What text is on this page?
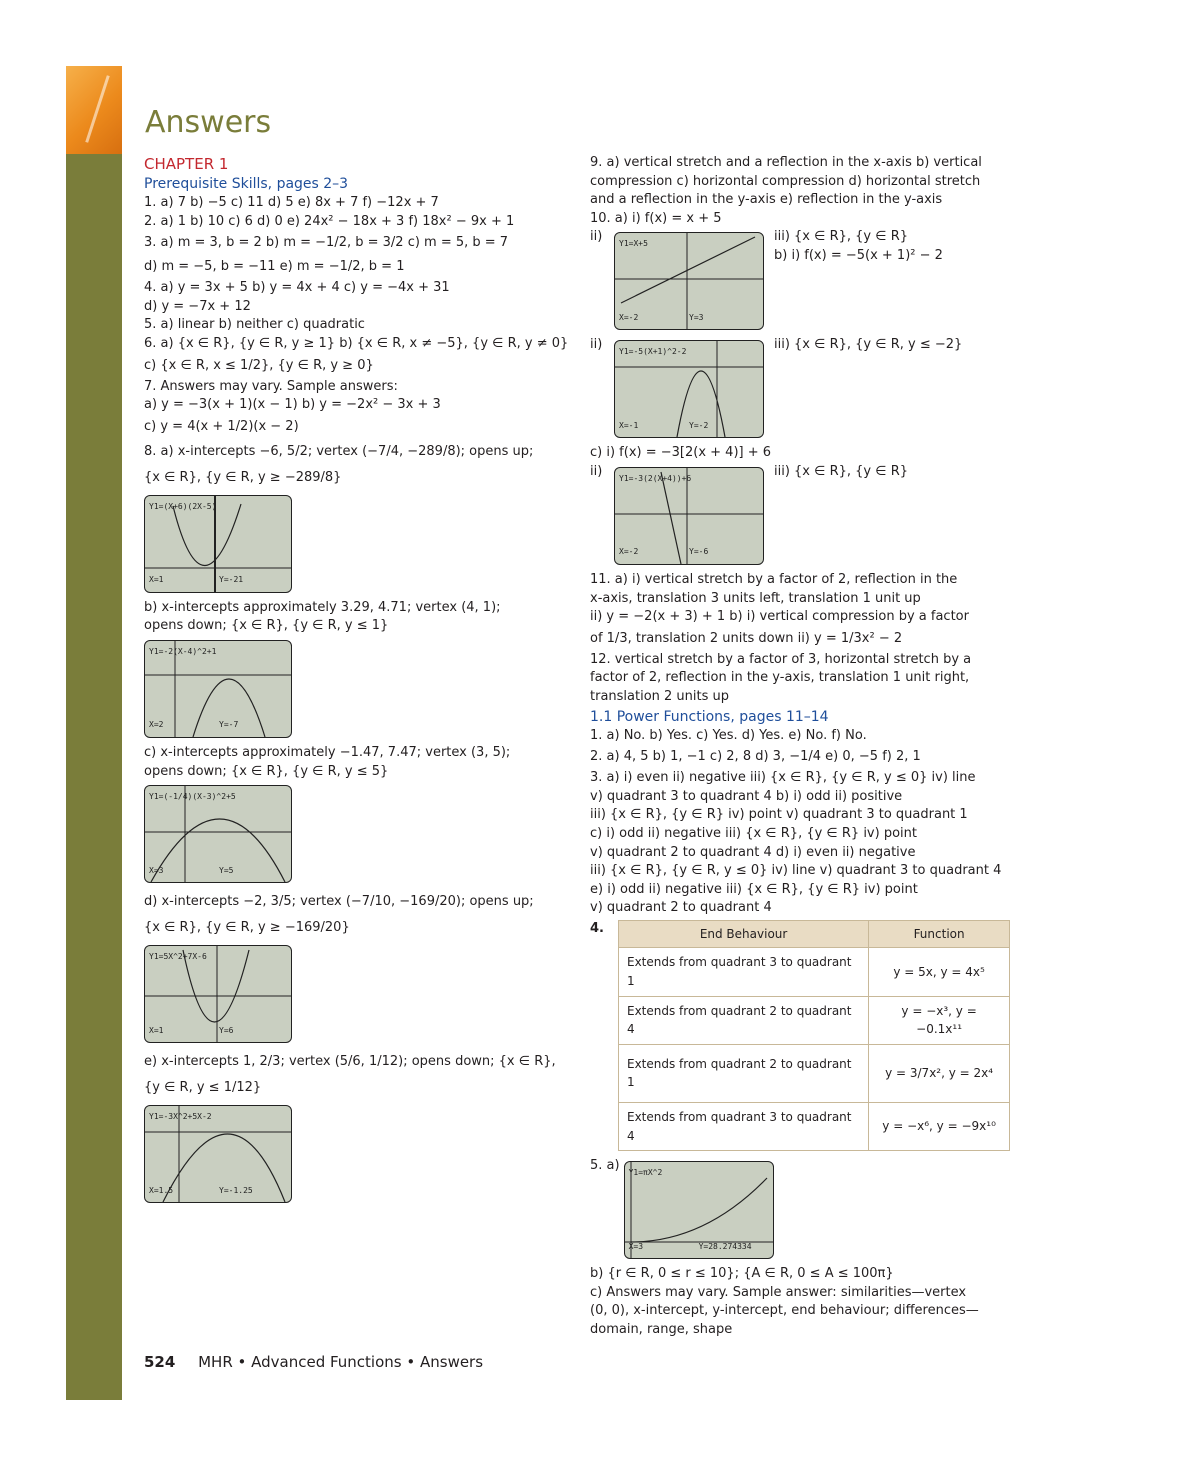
Answers

CHAPTER 1

Prerequisite Skills, pages 2–3

1. a) 7 b) −5 c) 11 d) 5 e) 8x + 7 f) −12x + 7

2. a) 1 b) 10 c) 6 d) 0 e) 24x² − 18x + 3 f) 18x² − 9x + 1

3. a) m = 3, b = 2 b) m = −1/2, b = 3/2 c) m = 5, b = 7

d) m = −5, b = −11 e) m = −1/2, b = 1

4. a) y = 3x + 5 b) y = 4x + 4 c) y = −4x + 31

d) y = −7x + 12

5. a) linear b) neither c) quadratic

6. a) {x ∈ R}, {y ∈ R, y ≥ 1} b) {x ∈ R, x ≠ −5}, {y ∈ R, y ≠ 0}

c) {x ∈ R, x ≤ 1/2}, {y ∈ R, y ≥ 0}

7. Answers may vary. Sample answers:

a) y = −3(x + 1)(x − 1) b) y = −2x² − 3x + 3

c) y = 4(x + 1/2)(x − 2)

8. a) x-intercepts −6, 5/2; vertex (−7/4, −289/8); opens up;

{x ∈ R}, {y ∈ R, y ≥ −289/8}

Y1=(X+6)(2X-5)
X=1	Y=-21

b) x-intercepts approximately 3.29, 4.71; vertex (4, 1);

opens down; {x ∈ R}, {y ∈ R, y ≤ 1}

Y1=-2(X-4)^2+1
X=2	Y=-7

c) x-intercepts approximately −1.47, 7.47; vertex (3, 5);

opens down; {x ∈ R}, {y ∈ R, y ≤ 5}

Y1=(-1/4)(X-3)^2+5
X=3	Y=5

d) x-intercepts −2, 3/5; vertex (−7/10, −169/20); opens up;

{x ∈ R}, {y ∈ R, y ≥ −169/20}

Y1=5X^2+7X-6
X=1	Y=6

e) x-intercepts 1, 2/3; vertex (5/6, 1/12); opens down; {x ∈ R},

{y ∈ R, y ≤ 1/12}

Y1=-3X^2+5X-2
X=1.5	Y=-1.25

9. a) vertical stretch and a reflection in the x-axis b) vertical

compression c) horizontal compression d) horizontal stretch

and a reflection in the y-axis e) reflection in the y-axis

10. a) i) f(x) = x + 5

ii) Y1=X+5
X=-2	Y=3

iii) {x ∈ R}, {y ∈ R}

b) i) f(x) = −5(x + 1)² − 2

ii) Y1=-5(X+1)^2-2
X=-1	Y=-2

iii) {x ∈ R}, {y ∈ R, y ≤ −2}

c) i) f(x) = −3[2(x + 4)] + 6

ii) Y1=-3(2(X+4))+6
X=-2	Y=-6

iii) {x ∈ R}, {y ∈ R}

11. a) i) vertical stretch by a factor of 2, reflection in the

x-axis, translation 3 units left, translation 1 unit up

ii) y = −2(x + 3) + 1 b) i) vertical compression by a factor

of 1/3, translation 2 units down ii) y = 1/3x² − 2

12. vertical stretch by a factor of 3, horizontal stretch by a

factor of 2, reflection in the y-axis, translation 1 unit right,

translation 2 units up

1.1 Power Functions, pages 11–14

1. a) No. b) Yes. c) Yes. d) Yes. e) No. f) No.

2. a) 4, 5 b) 1, −1 c) 2, 8 d) 3, −1/4 e) 0, −5 f) 2, 1

3. a) i) even ii) negative iii) {x ∈ R}, {y ∈ R, y ≤ 0} iv) line

v) quadrant 3 to quadrant 4 b) i) odd ii) positive

iii) {x ∈ R}, {y ∈ R} iv) point v) quadrant 3 to quadrant 1

c) i) odd ii) negative iii) {x ∈ R}, {y ∈ R} iv) point

v) quadrant 2 to quadrant 4 d) i) even ii) negative

iii) {x ∈ R}, {y ∈ R, y ≤ 0} iv) line v) quadrant 3 to quadrant 4

e) i) odd ii) negative iii) {x ∈ R}, {y ∈ R} iv) point

v) quadrant 2 to quadrant 4

4.	End Behaviour	Function
Extends from quadrant 3 to quadrant 1	y = 5x, y = 4x⁵
Extends from quadrant 2 to quadrant 4	y = −x³, y = −0.1x¹¹
Extends from quadrant 2 to quadrant 1	y = 3/7x², y = 2x⁴
Extends from quadrant 3 to quadrant 4	y = −x⁶, y = −9x¹⁰
5. a) Y1=πX^2
X=3	Y=28.274334

b) {r ∈ R, 0 ≤ r ≤ 10}; {A ∈ R, 0 ≤ A ≤ 100π}

c) Answers may vary. Sample answer: similarities—vertex

(0, 0), x-intercept, y-intercept, end behaviour; differences—

domain, range, shape

524 MHR • Advanced Functions • Answers
